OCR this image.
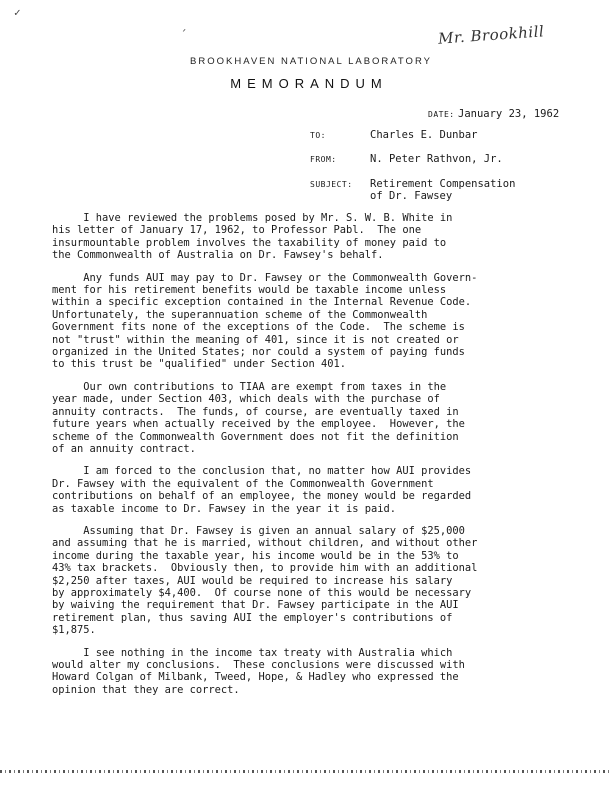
✓
´	Mr. Brookhill
BROOKHAVEN NATIONAL LABORATORY
MEMORANDUM
DATE: January 23, 1962
TO:	Charles E. Dunbar
FROM:	N. Peter Rathvon, Jr.
SUBJECT: Retirement Compensation
of Dr. Fawsey

I have reviewed the problems posed by Mr. S. W. B. White in
his letter of January 17, 1962, to Professor Pabl.  The one
insurmountable problem involves the taxability of money paid to
the Commonwealth of Australia on Dr. Fawsey's behalf.

Any funds AUI may pay to Dr. Fawsey or the Commonwealth Govern-
ment for his retirement benefits would be taxable income unless
within a specific exception contained in the Internal Revenue Code.
Unfortunately, the superannuation scheme of the Commonwealth
Government fits none of the exceptions of the Code.  The scheme is
not "trust" within the meaning of 401, since it is not created or
organized in the United States; nor could a system of paying funds
to this trust be "qualified" under Section 401.

Our own contributions to TIAA are exempt from taxes in the
year made, under Section 403, which deals with the purchase of
annuity contracts.  The funds, of course, are eventually taxed in
future years when actually received by the employee.  However, the
scheme of the Commonwealth Government does not fit the definition
of an annuity contract.

I am forced to the conclusion that, no matter how AUI provides
Dr. Fawsey with the equivalent of the Commonwealth Government
contributions on behalf of an employee, the money would be regarded
as taxable income to Dr. Fawsey in the year it is paid.

Assuming that Dr. Fawsey is given an annual salary of $25,000
and assuming that he is married, without children, and without other
income during the taxable year, his income would be in the 53% to
43% tax brackets.  Obviously then, to provide him with an additional
$2,250 after taxes, AUI would be required to increase his salary
by approximately $4,400.  Of course none of this would be necessary
by waiving the requirement that Dr. Fawsey participate in the AUI
retirement plan, thus saving AUI the employer's contributions of
$1,875.

I see nothing in the income tax treaty with Australia which
would alter my conclusions.  These conclusions were discussed with
Howard Colgan of Milbank, Tweed, Hope, & Hadley who expressed the
opinion that they are correct.
